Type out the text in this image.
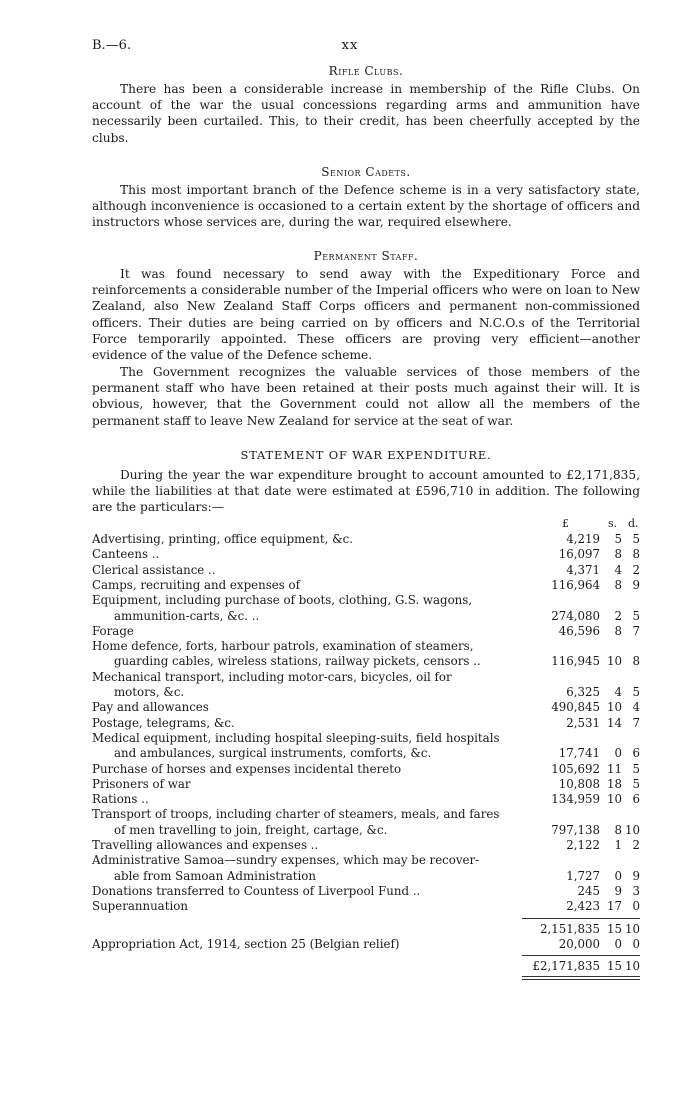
B.—6.	xx
Rifle Clubs.

There has been a considerable increase in membership of the Rifle Clubs. On account of the war the usual concessions regarding arms and ammunition have necessarily been curtailed. This, to their credit, has been cheerfully accepted by the clubs.

Senior Cadets.

This most important branch of the Defence scheme is in a very satisfactory state, although inconvenience is occasioned to a certain extent by the shortage of officers and instructors whose services are, during the war, required elsewhere.

Permanent Staff.

It was found necessary to send away with the Expeditionary Force and reinforcements a considerable number of the Imperial officers who were on loan to New Zealand, also New Zealand Staff Corps officers and permanent non-commissioned officers. Their duties are being carried on by officers and N.C.O.s of the Territorial Force temporarily appointed. These officers are proving very efficient—another evidence of the value of the Defence scheme.

The Government recognizes the valuable services of those members of the permanent staff who have been retained at their posts much against their will. It is obvious, however, that the Government could not allow all the members of the permanent staff to leave New Zealand for service at the seat of war.

STATEMENT OF WAR EXPENDITURE.

During the year the war expenditure brought to account amounted to £2,171,835, while the liabilities at that date were estimated at £596,710 in addition. The following are the particulars:—

£	s. d.
Advertising, printing, office equipment, &c.	4,219	5 5
Canteens ..	16,097	8 8
Clerical assistance ..	4,371	4 2
Camps, recruiting and expenses of	116,964	8 9
Equipment, including purchase of boots, clothing, G.S. wagons,
ammunition-carts, &c. ..	274,080	2 5
Forage	46,596	8 7
Home defence, forts, harbour patrols, examination of steamers,
guarding cables, wireless stations, railway pickets, censors ..	116,945 10 8
Mechanical transport, including motor-cars, bicycles, oil for
motors, &c.	6,325	4 5
Pay and allowances	490,845 10 4
Postage, telegrams, &c.	2,531 14 7
Medical equipment, including hospital sleeping-suits, field hospitals
and ambulances, surgical instruments, comforts, &c.	17,741	0 6
Purchase of horses and expenses incidental thereto	105,692 11 5
Prisoners of war	10,808 18 5
Rations ..	134,959 10 6
Transport of troops, including charter of steamers, meals, and fares
of men travelling to join, freight, cartage, &c.	797,138	8 10
Travelling allowances and expenses ..	2,122	1 2
Administrative Samoa—sundry expenses, which may be recover-
able from Samoan Administration	1,727	0 9
Donations transferred to Countess of Liverpool Fund ..	245	9 3
Superannuation	2,423 17 0
2,151,835 15 10
Appropriation Act, 1914, section 25 (Belgian relief)	20,000	0 0
£2,171,835 15 10
